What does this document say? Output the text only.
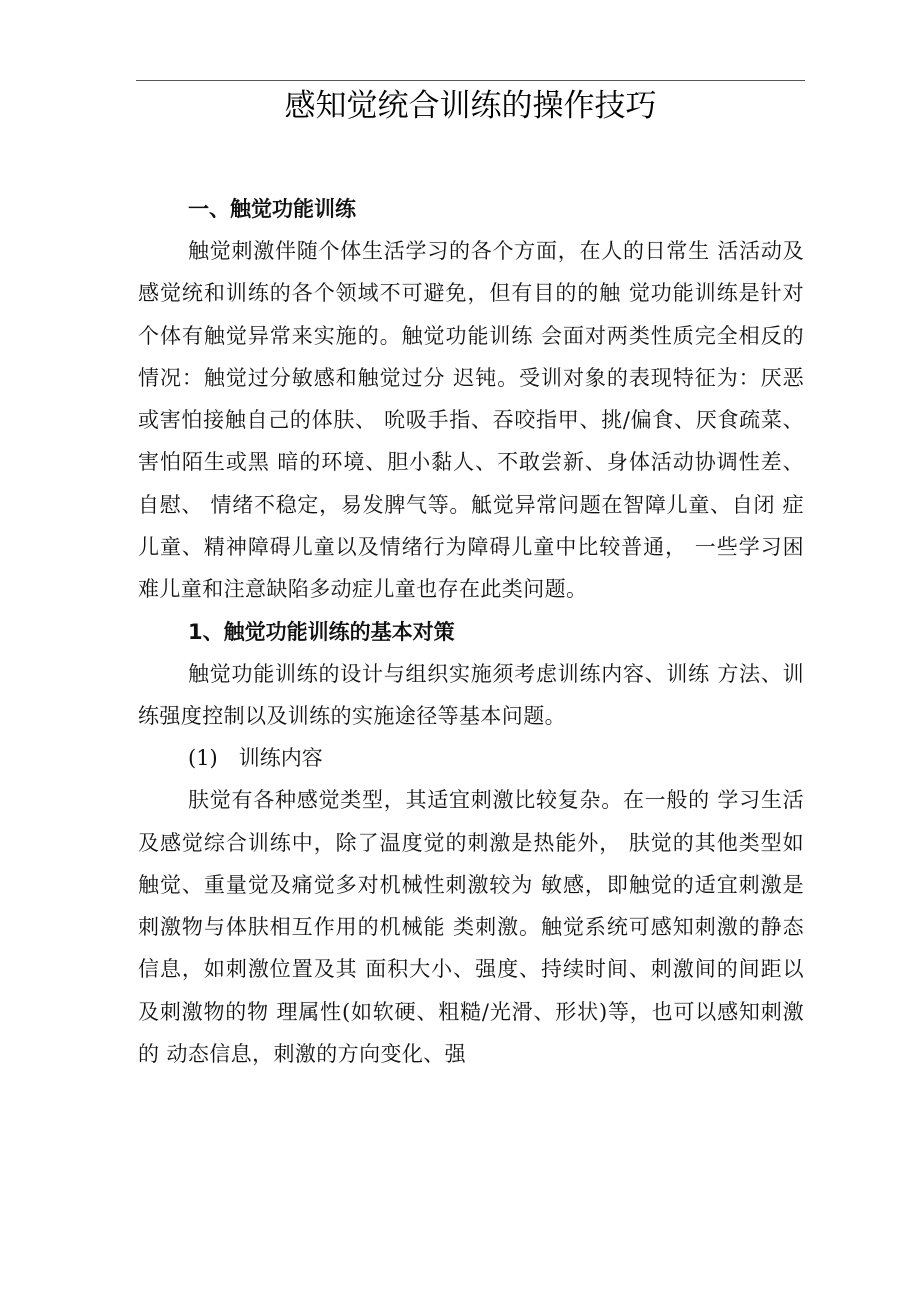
感知觉统合训练的操作技巧
一、触觉功能训练

触觉刺激伴随个体生活学习的各个方面，在人的日常生 活活动及感觉统和训练的各个领域不可避免，但有目的的触 觉功能训练是针对个体有触觉异常来实施的。触觉功能训练 会面对两类性质完全相反的情况：触觉过分敏感和触觉过分 迟钝。受训对象的表现特征为：厌恶或害怕接触自己的体肤、 吮吸手指、吞咬指甲、挑/偏食、厌食疏菜、害怕陌生或黑 暗的环境、胆小黏人、不敢尝新、身体活动协调性差、自慰、 情绪不稳定，易发脾气等。觝觉异常问题在智障儿童、自闭 症儿童、精神障碍儿童以及情绪行为障碍儿童中比较普通， 一些学习困难儿童和注意缺陷多动症儿童也存在此类问题。

1、触觉功能训练的基本对策

触觉功能训练的设计与组织实施须考虑训练内容、训练 方法、训练强度控制以及训练的实施途径等基本问题。

(1)　训练内容

肤觉有各种感觉类型，其适宜刺激比较复杂。在一般的 学习生活及感觉综合训练中，除了温度觉的刺激是热能外， 肤觉的其他类型如触觉、重量觉及痛觉多对机械性刺激较为 敏感，即触觉的适宜刺激是刺激物与体肤相互作用的机械能 类刺激。触觉系统可感知刺激的静态信息，如刺激位置及其 面积大小、强度、持续时间、刺激间的间距以及刺激物的物 理属性(如软硬、粗糙/光滑、形状)等，也可以感知刺激的 动态信息，刺激的方向变化、强
